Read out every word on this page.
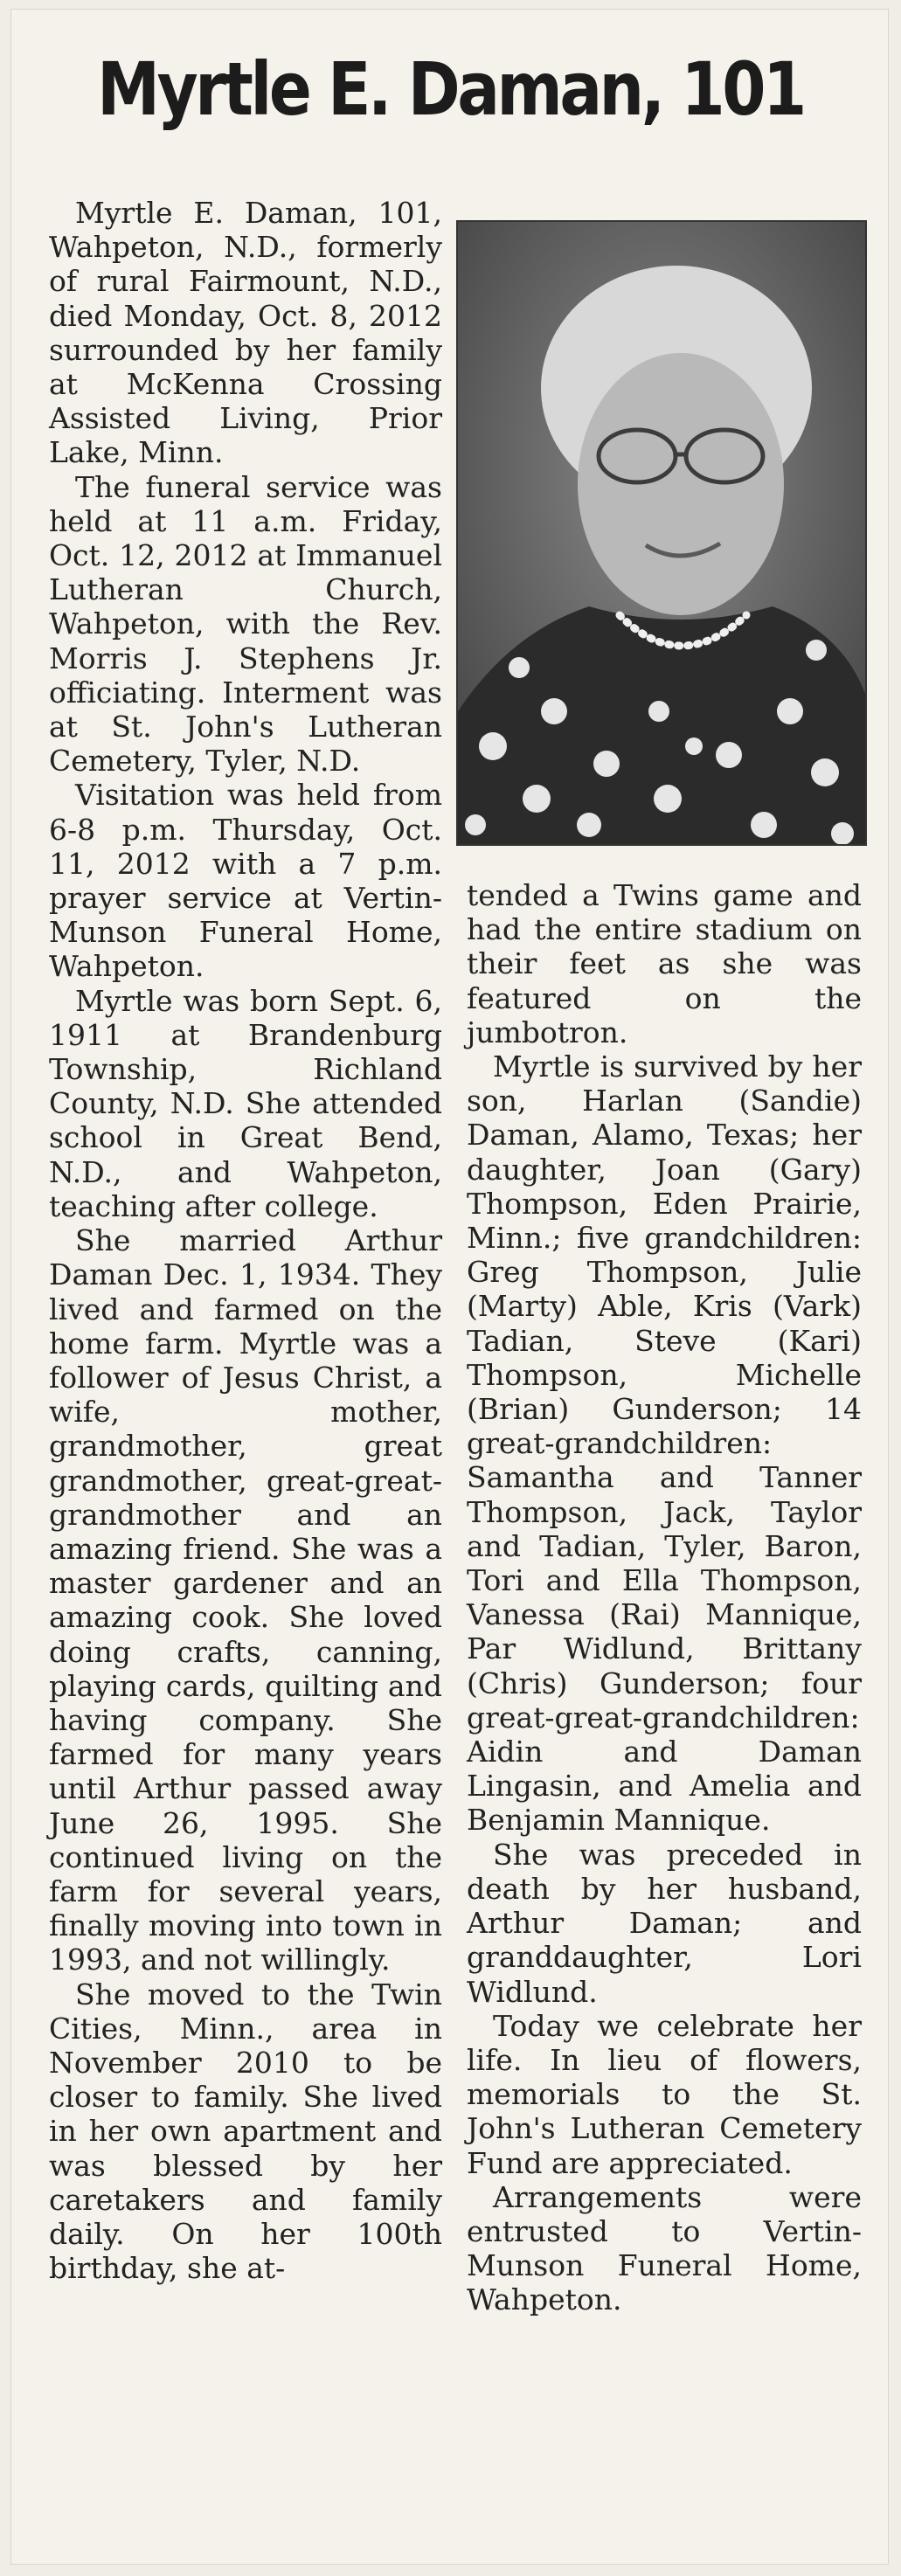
Myrtle E. Daman, 101

Myrtle E. Daman, 101, Wahpeton, N.D., formerly of rural Fairmount, N.D., died Monday, Oct. 8, 2012 surrounded by her family at McKenna Crossing Assisted Living, Prior Lake, Minn.

The funeral service was held at 11 a.m. Friday, Oct. 12, 2012 at Immanuel Lutheran Church, Wahpeton, with the Rev. Morris J. Stephens Jr. officiating. Interment was at St. John's Lutheran Cemetery, Tyler, N.D.

Visitation was held from 6-8 p.m. Thursday, Oct. 11, 2012 with a 7 p.m. prayer service at Vertin-Munson Funeral Home, Wahpeton.

Myrtle was born Sept. 6, 1911 at Brandenburg Township, Richland County, N.D. She attended school in Great Bend, N.D., and Wahpeton, teaching after college.

She married Arthur Daman Dec. 1, 1934. They lived and farmed on the home farm. Myrtle was a follower of Jesus Christ, a wife, mother, grandmother, great grandmother, great-great-grandmother and an amazing friend. She was a master gardener and an amazing cook. She loved doing crafts, canning, playing cards, quilting and having company. She farmed for many years until Arthur passed away June 26, 1995. She continued living on the farm for several years, finally moving into town in 1993, and not willingly.

She moved to the Twin Cities, Minn., area in November 2010 to be closer to family. She lived in her own apartment and was blessed by her caretakers and family daily. On her 100th birthday, she at-

tended a Twins game and had the entire stadium on their feet as she was featured on the jumbotron.

Myrtle is survived by her son, Harlan (Sandie) Daman, Alamo, Texas; her daughter, Joan (Gary) Thompson, Eden Prairie, Minn.; five grandchildren: Greg Thompson, Julie (Marty) Able, Kris (Vark) Tadian, Steve (Kari) Thompson, Michelle (Brian) Gunderson; 14 great-grandchildren: Samantha and Tanner Thompson, Jack, Taylor and Tadian, Tyler, Baron, Tori and Ella Thompson, Vanessa (Rai) Mannique, Par Widlund, Brittany (Chris) Gunderson; four great-great-grandchildren: Aidin and Daman Lingasin, and Amelia and Benjamin Mannique.

She was preceded in death by her husband, Arthur Daman; and granddaughter, Lori Widlund.

Today we celebrate her life. In lieu of flowers, memorials to the St. John's Lutheran Cemetery Fund are appreciated.

Arrangements were entrusted to Vertin-Munson Funeral Home, Wahpeton.
